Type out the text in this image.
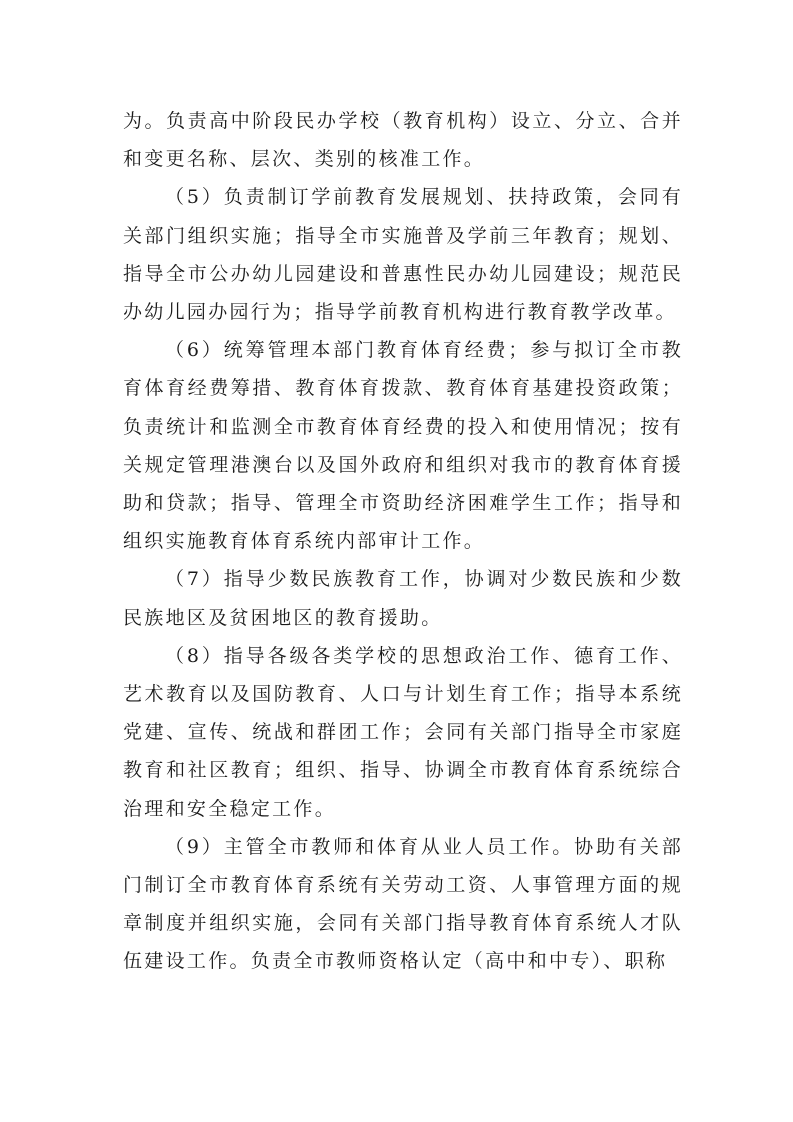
为。负责高中阶段民办学校（教育机构）设立、分立、合并和变更名称、层次、类别的核准工作。

（5）负责制订学前教育发展规划、扶持政策，会同有关部门组织实施；指导全市实施普及学前三年教育；规划、指导全市公办幼儿园建设和普惠性民办幼儿园建设；规范民办幼儿园办园行为；指导学前教育机构进行教育教学改革。

（6）统筹管理本部门教育体育经费；参与拟订全市教育体育经费筹措、教育体育拨款、教育体育基建投资政策；负责统计和监测全市教育体育经费的投入和使用情况；按有关规定管理港澳台以及国外政府和组织对我市的教育体育援助和贷款；指导、管理全市资助经济困难学生工作；指导和组织实施教育体育系统内部审计工作。

（7）指导少数民族教育工作，协调对少数民族和少数民族地区及贫困地区的教育援助。

（8）指导各级各类学校的思想政治工作、德育工作、艺术教育以及国防教育、人口与计划生育工作；指导本系统党建、宣传、统战和群团工作；会同有关部门指导全市家庭教育和社区教育；组织、指导、协调全市教育体育系统综合治理和安全稳定工作。

（9）主管全市教师和体育从业人员工作。协助有关部门制订全市教育体育系统有关劳动工资、人事管理方面的规章制度并组织实施，会同有关部门指导教育体育系统人才队伍建设工作。负责全市教师资格认定（高中和中专）、职称
